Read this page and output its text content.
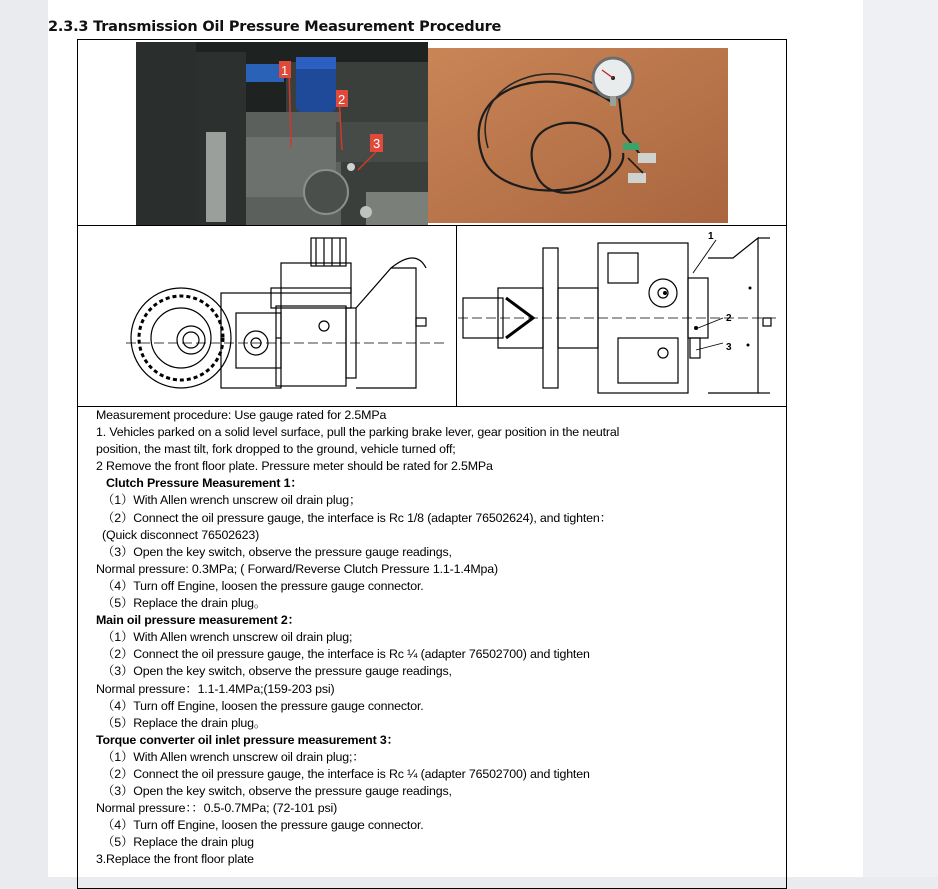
2.3.3 Transmission Oil Pressure Measurement Procedure
1
2
3
1
2
3
Measurement procedure: Use gauge rated for 2.5MPa
1. Vehicles parked on a solid level surface, pull the parking brake lever, gear position in the neutral position, the mast tilt, fork dropped to the ground, vehicle turned off;
2 Remove the front floor plate. Pressure meter should be rated for 2.5MPa
Clutch Pressure Measurement 1：
（1）With Allen wrench unscrew oil drain plug；
（2）Connect the oil pressure gauge, the interface is Rc 1/8 (adapter 76502624), and tighten：(Quick disconnect 76502623)
（3）Open the key switch, observe the pressure gauge readings,
Normal pressure: 0.3MPa; ( Forward/Reverse Clutch Pressure 1.1-1.4Mpa)
（4）Turn off Engine, loosen the pressure gauge connector.
（5）Replace the drain plug。
Main oil pressure measurement 2：
（1）With Allen wrench unscrew oil drain plug;
（2）Connect the oil pressure gauge, the interface is Rc ¼ (adapter 76502700) and tighten
（3）Open the key switch, observe the pressure gauge readings,
Normal pressure：1.1-1.4MPa;(159-203 psi)
（4）Turn off Engine, loosen the pressure gauge connector.
（5）Replace the drain plug。
Torque converter oil inlet pressure measurement 3：
（1）With Allen wrench unscrew oil drain plug;：
（2）Connect the oil pressure gauge, the interface is Rc ¼ (adapter 76502700) and tighten
（3）Open the key switch, observe the pressure gauge readings,
Normal pressure：：0.5-0.7MPa; (72-101 psi)
（4）Turn off Engine, loosen the pressure gauge connector.
（5）Replace the drain plug
3.Replace the front floor plate
